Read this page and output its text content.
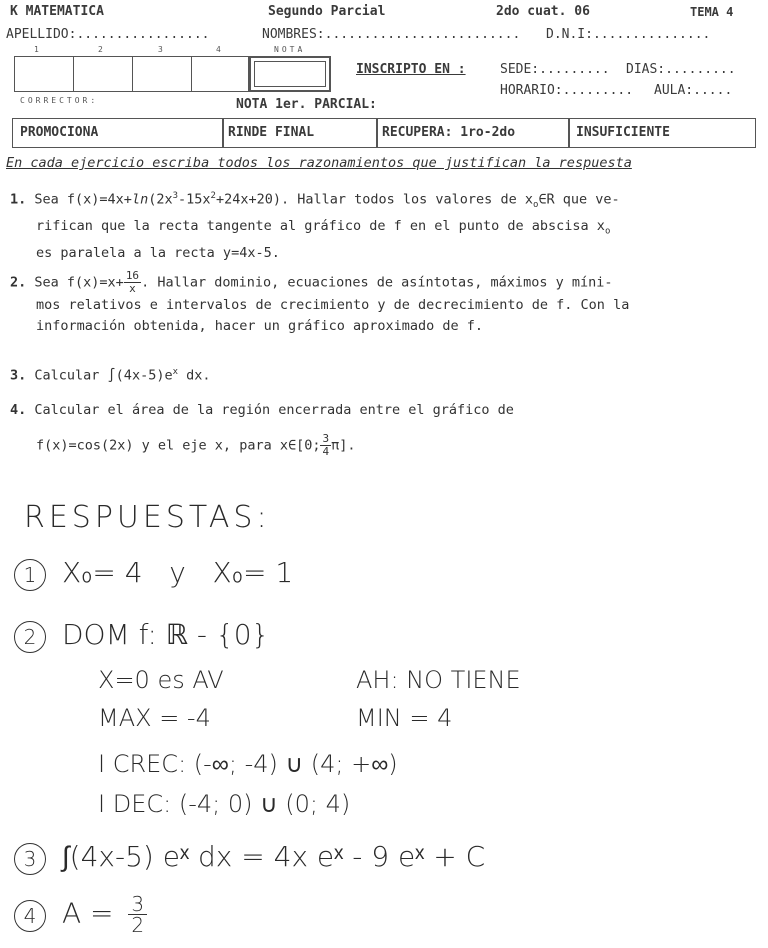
K MATEMATICA	Segundo Parcial	2do cuat. 06	TEMA 4
APELLIDO:.................	NOMBRES:......................... D.N.I:...............
1	2	3	4	NOTA
INSCRIPTO EN :	SEDE:......... DIAS:.........
HORARIO:......... AULA:.....
CORRECTOR:	NOTA 1er. PARCIAL:
PROMOCIONA	RINDE FINAL	RECUPERA: 1ro-2do	INSUFICIENTE
En cada ejercicio escriba todos los razonamientos que justifican la respuesta
1. Sea $f(x)=4x+\ln(2x^3-15x^2+24x+20)$. Hallar todos los valores de $x_o\in R$ que ve-
rifican que la recta tangente al gráfico de f en el punto de abscisa $x_o$
es paralela a la recta y=4x-5.
2. Sea $f(x)=x+ \frac{16}{x}$ . Hallar dominio, ecuaciones de asíntotas, máximos y míni-
mos relativos e intervalos de crecimiento y de decrecimiento de f. Con la
información obtenida, hacer un gráfico aproximado de f.
3. Calcular $\int(4x-5)e^x$ dx.
4. Calcular el área de la región encerrada entre el gráfico de
f(x)=cos(2x) y el eje x, para x∈[0; $\frac{3}{4} \pi$].
RESPUESTAS:
1 X₀= 4   y   X₀= 1
2 DOM f: ℝ - {0}
X=0 es AV	AH: NO TIENE
MAX = -4	MIN = 4
I CREC: (-∞; -4) ∪ (4; +∞)
I DEC: (-4; 0) ∪ (0; 4)
3 ∫(4x-5) eˣ dx = 4x eˣ - 9 eˣ + C
4 $A = \frac{3}{2}$
